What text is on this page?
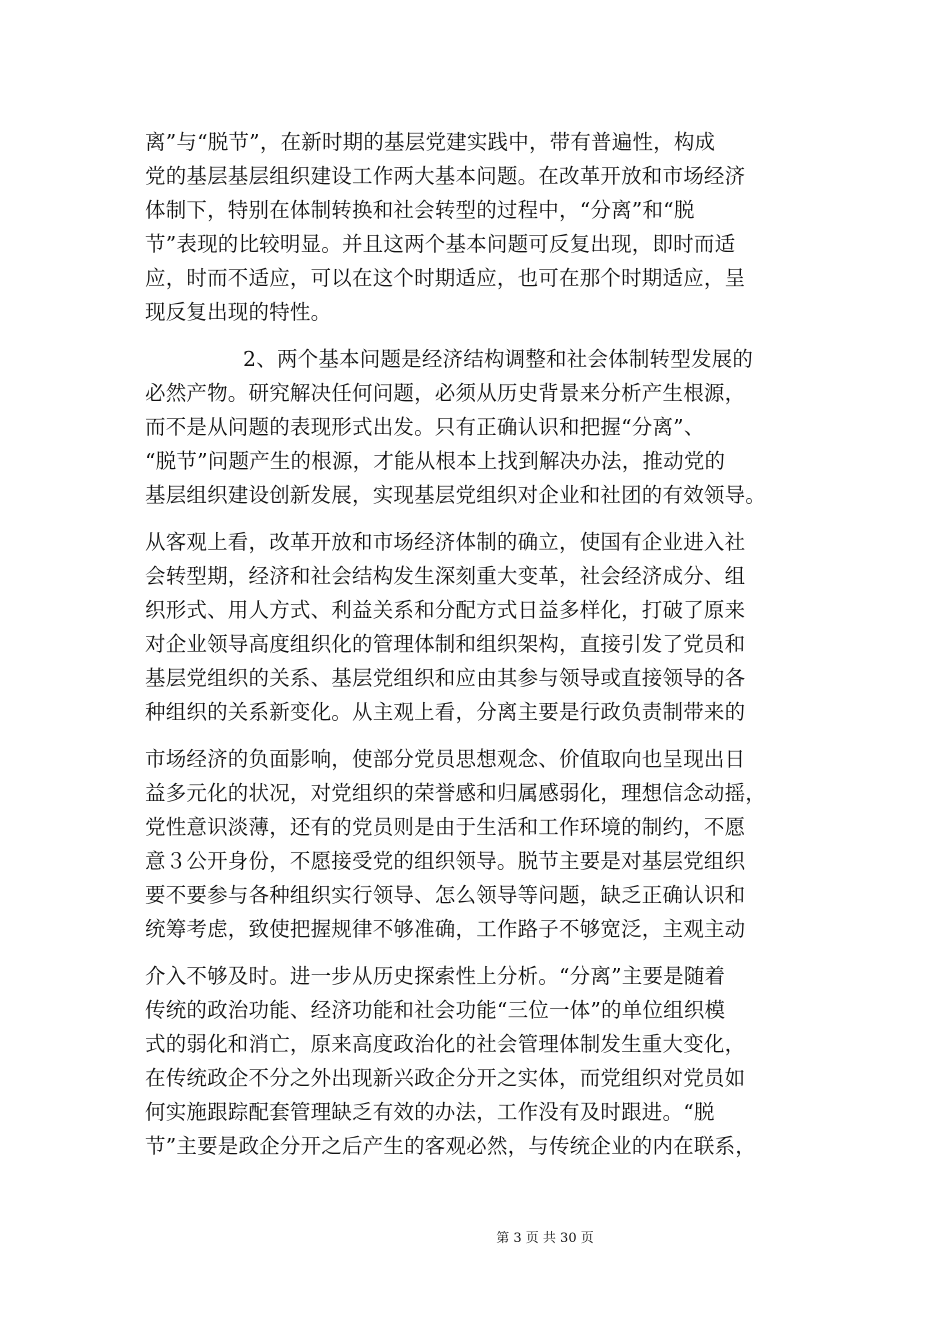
离”与“脱节”，在新时期的基层党建实践中，带有普遍性，构成
党的基层基层组织建设工作两大基本问题。在改革开放和市场经济
体制下，特别在体制转换和社会转型的过程中，“分离”和“脱
节”表现的比较明显。并且这两个基本问题可反复出现，即时而适
应，时而不适应，可以在这个时期适应，也可在那个时期适应，呈
现反复出现的特性。
2、两个基本问题是经济结构调整和社会体制转型发展的
必然产物。研究解决任何问题，必须从历史背景来分析产生根源，
而不是从问题的表现形式出发。只有正确认识和把握“分离”、
“脱节”问题产生的根源，才能从根本上找到解决办法，推动党的
基层组织建设创新发展，实现基层党组织对企业和社团的有效领导。
从客观上看，改革开放和市场经济体制的确立，使国有企业进入社
会转型期，经济和社会结构发生深刻重大变革，社会经济成分、组
织形式、用人方式、利益关系和分配方式日益多样化，打破了原来
对企业领导高度组织化的管理体制和组织架构，直接引发了党员和
基层党组织的关系、基层党组织和应由其参与领导或直接领导的各
种组织的关系新变化。从主观上看，分离主要是行政负责制带来的
市场经济的负面影响，使部分党员思想观念、价值取向也呈现出日
益多元化的状况，对党组织的荣誉感和归属感弱化，理想信念动摇，
党性意识淡薄，还有的党员则是由于生活和工作环境的制约，不愿
意３公开身份，不愿接受党的组织领导。脱节主要是对基层党组织
要不要参与各种组织实行领导、怎么领导等问题，缺乏正确认识和
统筹考虑，致使把握规律不够准确，工作路子不够宽泛，主观主动
介入不够及时。进一步从历史探索性上分析。“分离”主要是随着
传统的政治功能、经济功能和社会功能“三位一体”的单位组织模
式的弱化和消亡，原来高度政治化的社会管理体制发生重大变化，
在传统政企不分之外出现新兴政企分开之实体，而党组织对党员如
何实施跟踪配套管理缺乏有效的办法，工作没有及时跟进。“脱
节”主要是政企分开之后产生的客观必然，与传统企业的内在联系，
第 3 页 共 30 页
